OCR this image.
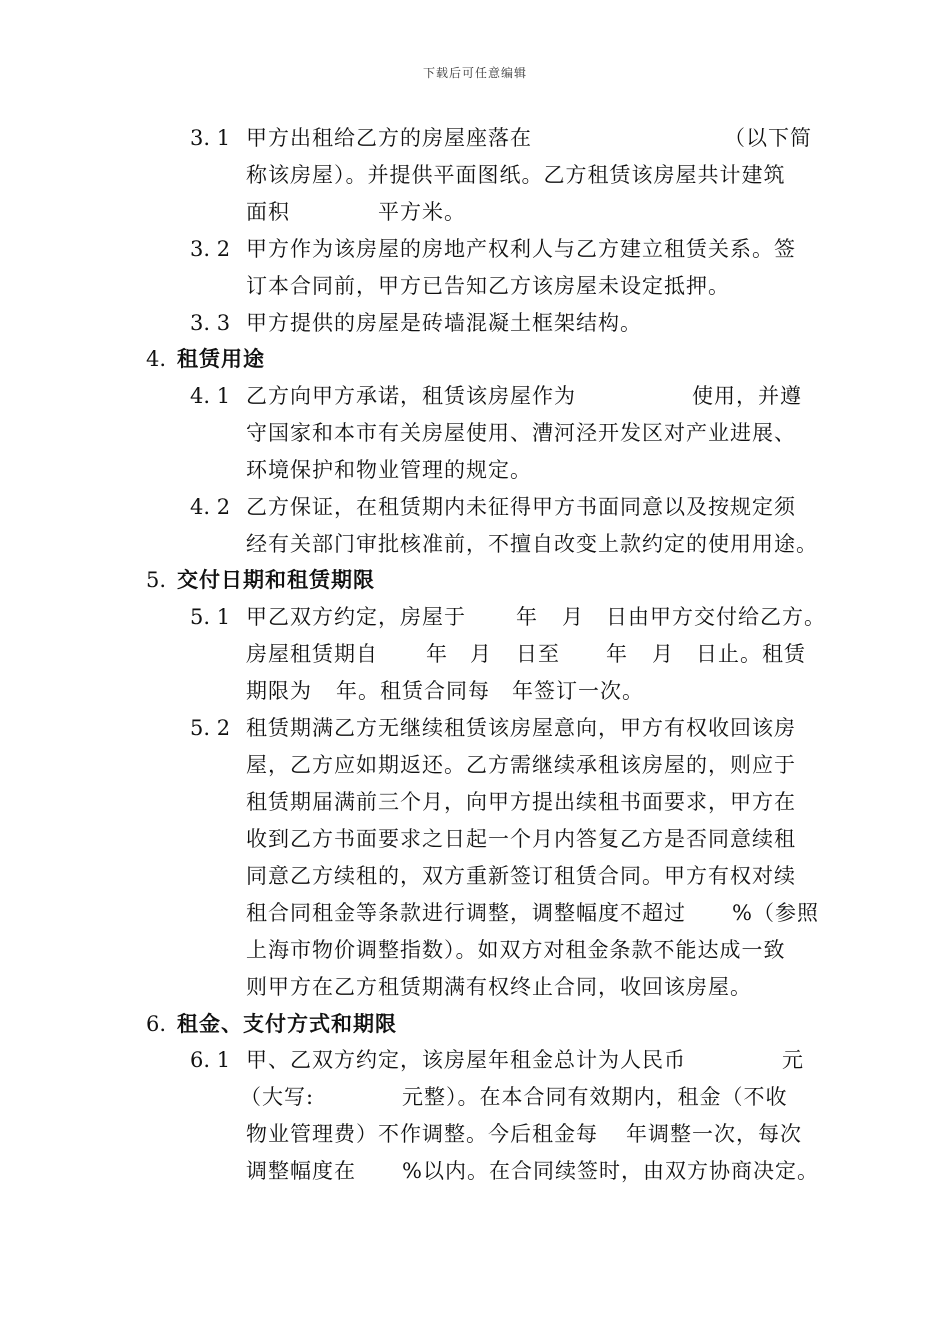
下载后可任意编辑
3. 1 甲方出租给乙方的房屋座落在	（以下简
称该房屋）。并提供平面图纸。乙方租赁该房屋共计建筑
面积	平方米。
3. 2 甲方作为该房屋的房地产权利人与乙方建立租赁关系。签
订本合同前，甲方已告知乙方该房屋未设定抵押。
3. 3 甲方提供的房屋是砖墙混凝土框架结构。
4. 租赁用途
4. 1 乙方向甲方承诺，租赁该房屋作为	使用，并遵
守国家和本市有关房屋使用、漕河泾开发区对产业进展、
环境保护和物业管理的规定。
4. 2 乙方保证，在租赁期内未征得甲方书面同意以及按规定须
经有关部门审批核准前，不擅自改变上款约定的使用用途。
5. 交付日期和租赁期限
5. 1 甲乙双方约定，房屋于 年 月 日由甲方交付给乙方。
房屋租赁期自 年 月 日至 年 月 日止。租赁
期限为 年。租赁合同每 年签订一次。
5. 2 租赁期满乙方无继续租赁该房屋意向，甲方有权收回该房
屋，乙方应如期返还。乙方需继续承租该房屋的，则应于
租赁期届满前三个月，向甲方提出续租书面要求，甲方在
收到乙方书面要求之日起一个月内答复乙方是否同意续租
同意乙方续租的，双方重新签订租赁合同。甲方有权对续
租合同租金等条款进行调整，调整幅度不超过 %（参照
上海市物价调整指数）。如双方对租金条款不能达成一致
则甲方在乙方租赁期满有权终止合同，收回该房屋。
6. 租金、支付方式和期限
6. 1 甲、乙双方约定，该房屋年租金总计为人民币	元
（大写:	元整）。在本合同有效期内，租金（不收
物业管理费）不作调整。今后租金每 年调整一次，每次
调整幅度在 %以内。在合同续签时，由双方协商决定。
